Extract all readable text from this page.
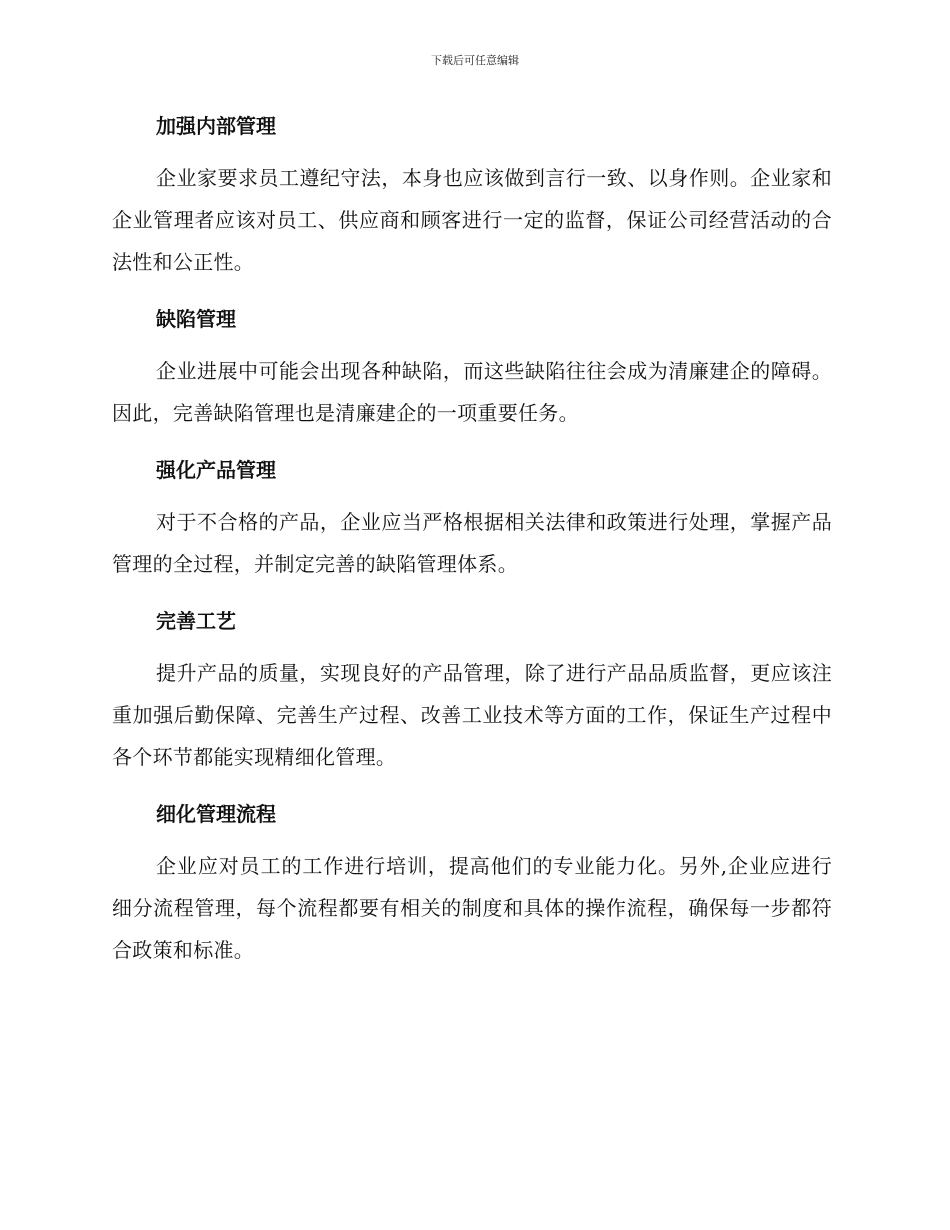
下载后可任意编辑
加强内部管理

企业家要求员工遵纪守法，本身也应该做到言行一致、以身作则。企业家和企业管理者应该对员工、供应商和顾客进行一定的监督，保证公司经营活动的合法性和公正性。

缺陷管理

企业进展中可能会出现各种缺陷，而这些缺陷往往会成为清廉建企的障碍。因此，完善缺陷管理也是清廉建企的一项重要任务。

强化产品管理

对于不合格的产品，企业应当严格根据相关法律和政策进行处理，掌握产品管理的全过程，并制定完善的缺陷管理体系。

完善工艺

提升产品的质量，实现良好的产品管理，除了进行产品品质监督，更应该注重加强后勤保障、完善生产过程、改善工业技术等方面的工作，保证生产过程中各个环节都能实现精细化管理。

细化管理流程

企业应对员工的工作进行培训，提高他们的专业能力化。另外,企业应进行细分流程管理，每个流程都要有相关的制度和具体的操作流程，确保每一步都符合政策和标准。
